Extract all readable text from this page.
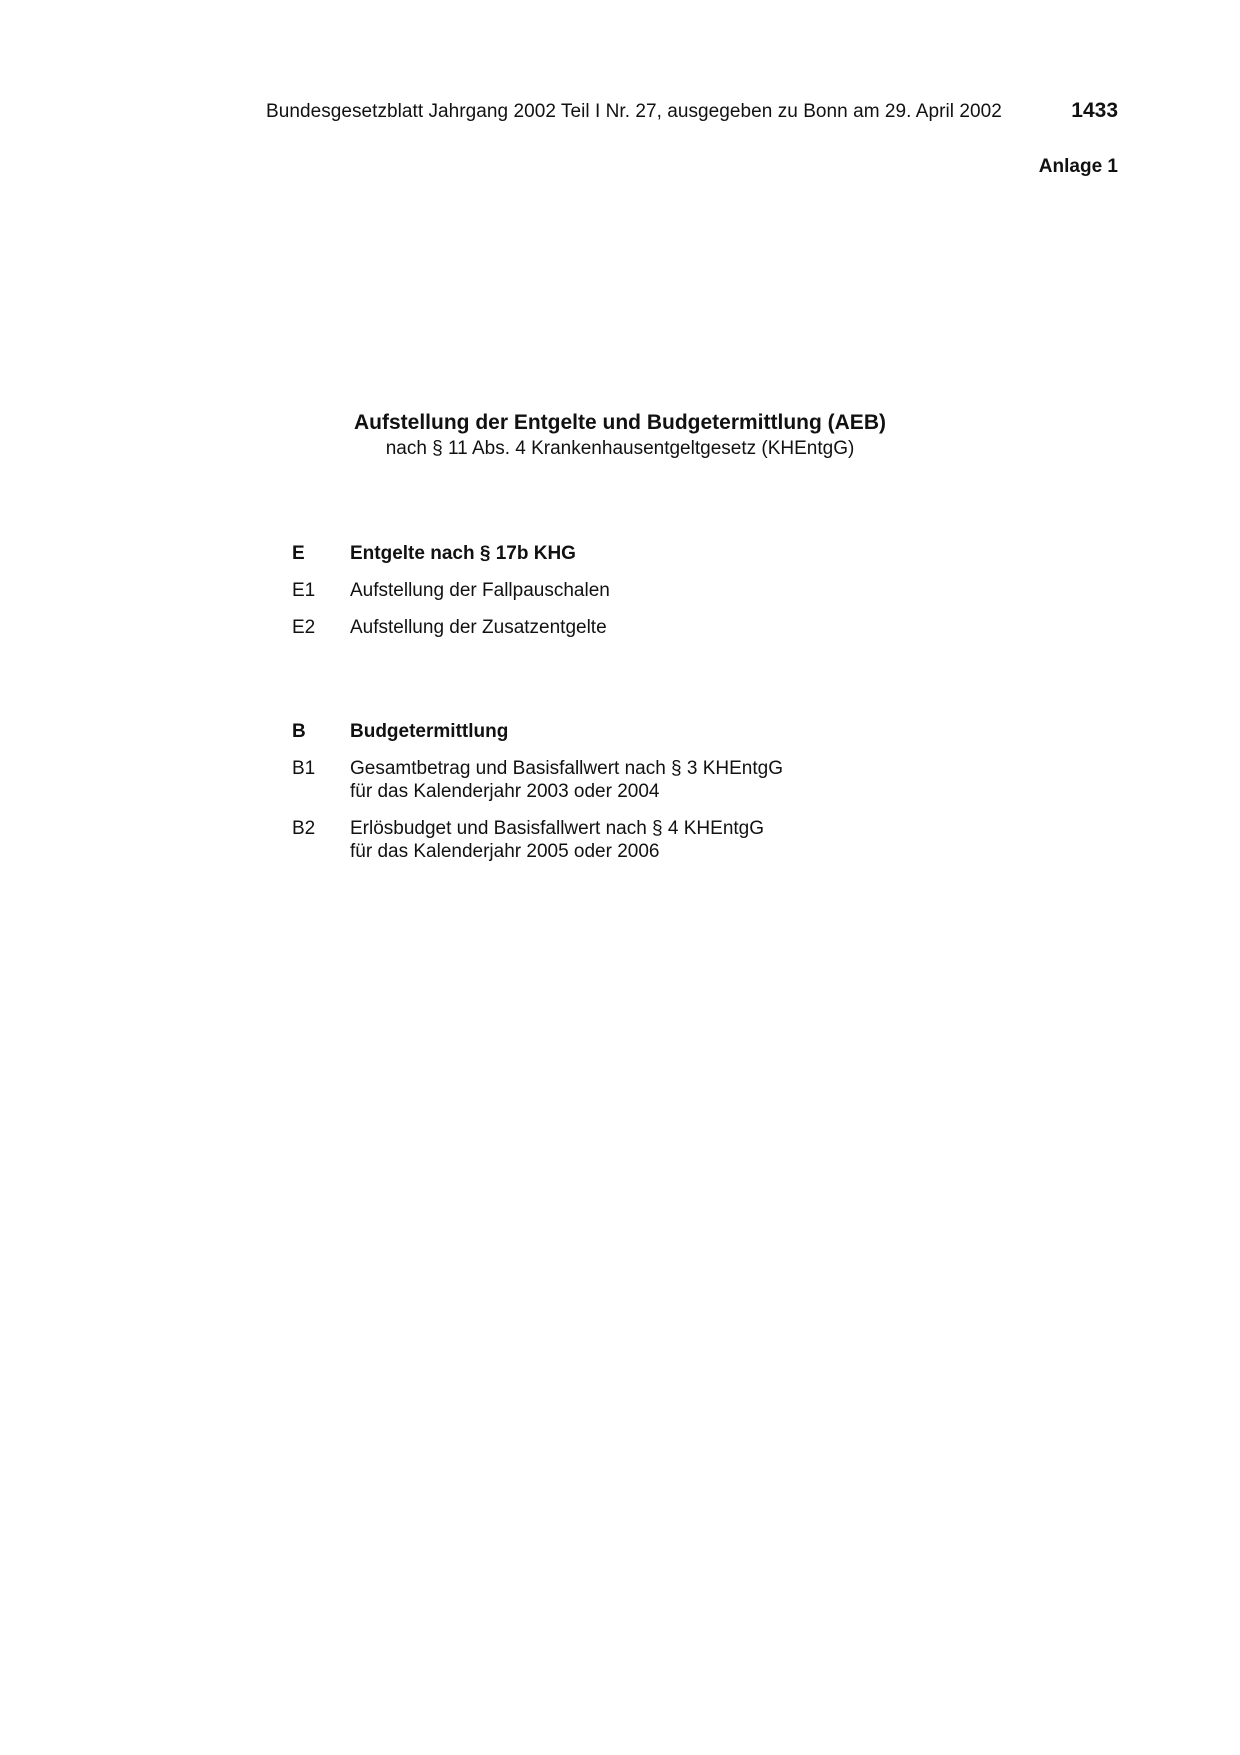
Bundesgesetzblatt Jahrgang 2002 Teil I Nr. 27, ausgegeben zu Bonn am 29. April 2002	1433
Anlage 1
Aufstellung der Entgelte und Budgetermittlung (AEB)
nach § 11 Abs. 4 Krankenhausentgeltgesetz (KHEntgG)
E	Entgelte nach § 17b KHG
E1	Aufstellung der Fallpauschalen
E2	Aufstellung der Zusatzentgelte
B	Budgetermittlung
B1	Gesamtbetrag und Basisfallwert nach § 3 KHEntgG
für das Kalenderjahr 2003 oder 2004
B2	Erlösbudget und Basisfallwert nach § 4 KHEntgG
für das Kalenderjahr 2005 oder 2006
